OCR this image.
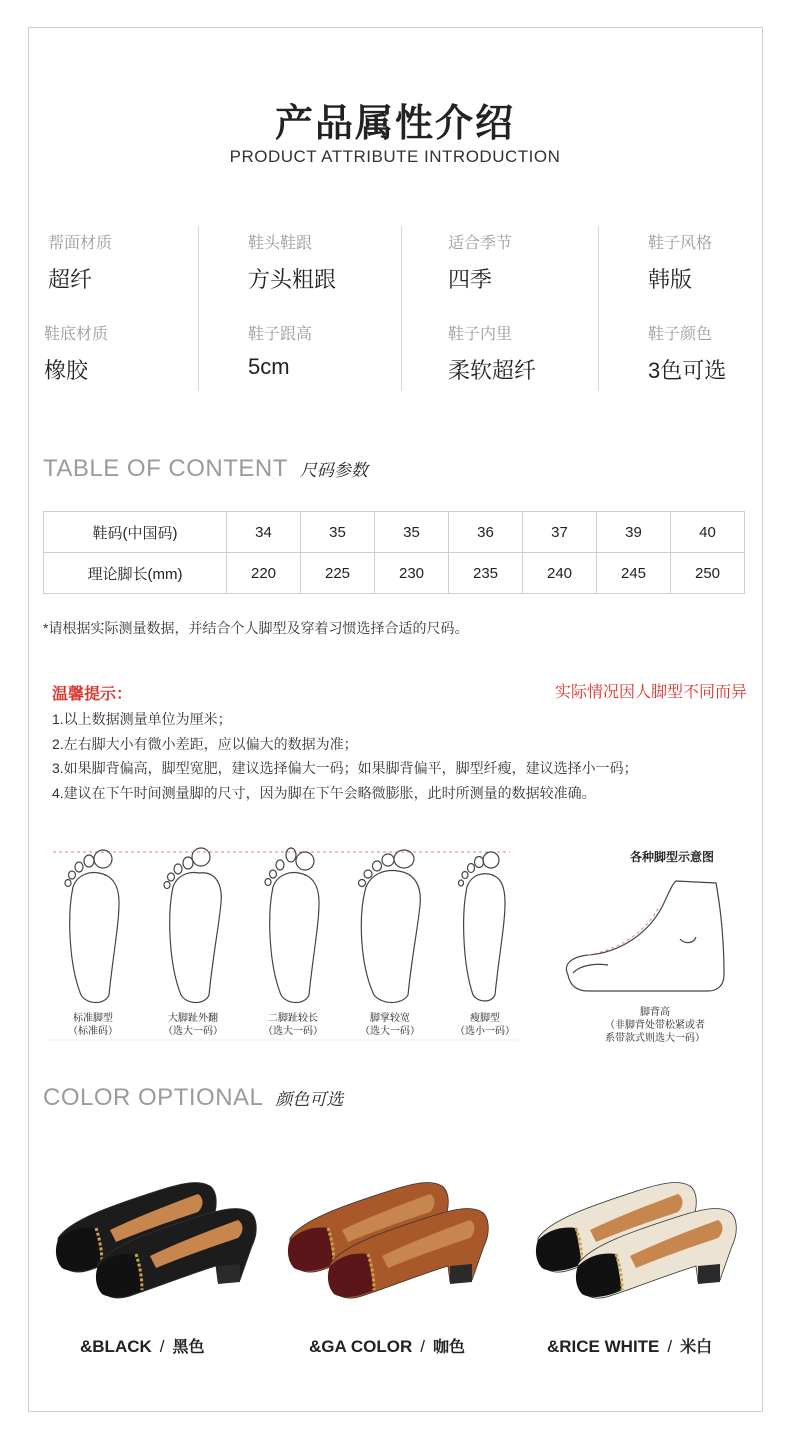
产品属性介绍
PRODUCT ATTRIBUTE INTRODUCTION
帮面材质
超纤
鞋头鞋跟
方头粗跟
适合季节
四季
鞋子风格
韩版
鞋底材质
橡胶
鞋子跟高
5cm
鞋子内里
柔软超纤
鞋子颜色
3色可选
TABLE OF CONTENT 尺码参数
鞋码(中国码)	34	35	35	36	37	39	40
理论脚长(mm)	220	225	230	235	240	245	250
*请根据实际测量数据，并结合个人脚型及穿着习惯选择合适的尺码。
温馨提示：	实际情况因人脚型不同而异
1.以上数据测量单位为厘米；
2.左右脚大小有微小差距，应以偏大的数据为准；
3.如果脚背偏高，脚型宽肥，建议选择偏大一码；如果脚背偏平，脚型纤瘦，建议选择小一码；
4.建议在下午时间测量脚的尺寸，因为脚在下午会略微膨胀，此时所测量的数据较准确。
标准脚型
（标准码）
大脚趾外翻
（选大一码）
二脚趾较长
（选大一码）
脚掌较宽
（选大一码）
瘦脚型
（选小一码）
各种脚型示意图
脚背高
（非脚背处带松紧或者
系带款式则选大一码）
COLOR OPTIONAL 颜色可选
&BLACK / 黑色	&GA COLOR / 咖色	&RICE WHITE / 米白
